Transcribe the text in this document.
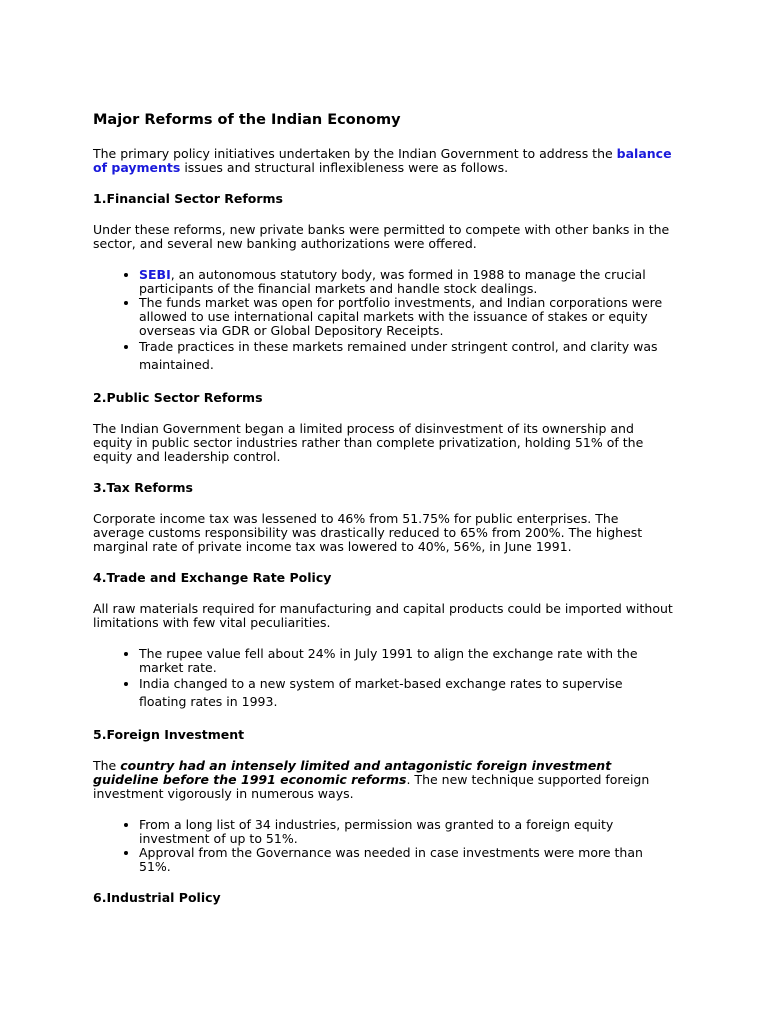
Major Reforms of the Indian Economy

The primary policy initiatives undertaken by the Indian Government to address the balance of payments issues and structural inflexibleness were as follows.

1.Financial Sector Reforms

Under these reforms, new private banks were permitted to compete with other banks in the sector, and several new banking authorizations were offered.

• SEBI, an autonomous statutory body, was formed in 1988 to manage the crucial participants of the financial markets and handle stock dealings.
• The funds market was open for portfolio investments, and Indian corporations were allowed to use international capital markets with the issuance of stakes or equity overseas via GDR or Global Depository Receipts.
• Trade practices in these markets remained under stringent control, and clarity was maintained.
2.Public Sector Reforms

The Indian Government began a limited process of disinvestment of its ownership and equity in public sector industries rather than complete privatization, holding 51% of the equity and leadership control.

3.Tax Reforms

Corporate income tax was lessened to 46% from 51.75% for public enterprises. The average customs responsibility was drastically reduced to 65% from 200%. The highest marginal rate of private income tax was lowered to 40%, 56%, in June 1991.

4.Trade and Exchange Rate Policy

All raw materials required for manufacturing and capital products could be imported without limitations with few vital peculiarities.

• The rupee value fell about 24% in July 1991 to align the exchange rate with the market rate.
• India changed to a new system of market-based exchange rates to supervise floating rates in 1993.
5.Foreign Investment

The country had an intensely limited and antagonistic foreign investment guideline before the 1991 economic reforms. The new technique supported foreign investment vigorously in numerous ways.

• From a long list of 34 industries, permission was granted to a foreign equity investment of up to 51%.
• Approval from the Governance was needed in case investments were more than 51%.
6.Industrial Policy
